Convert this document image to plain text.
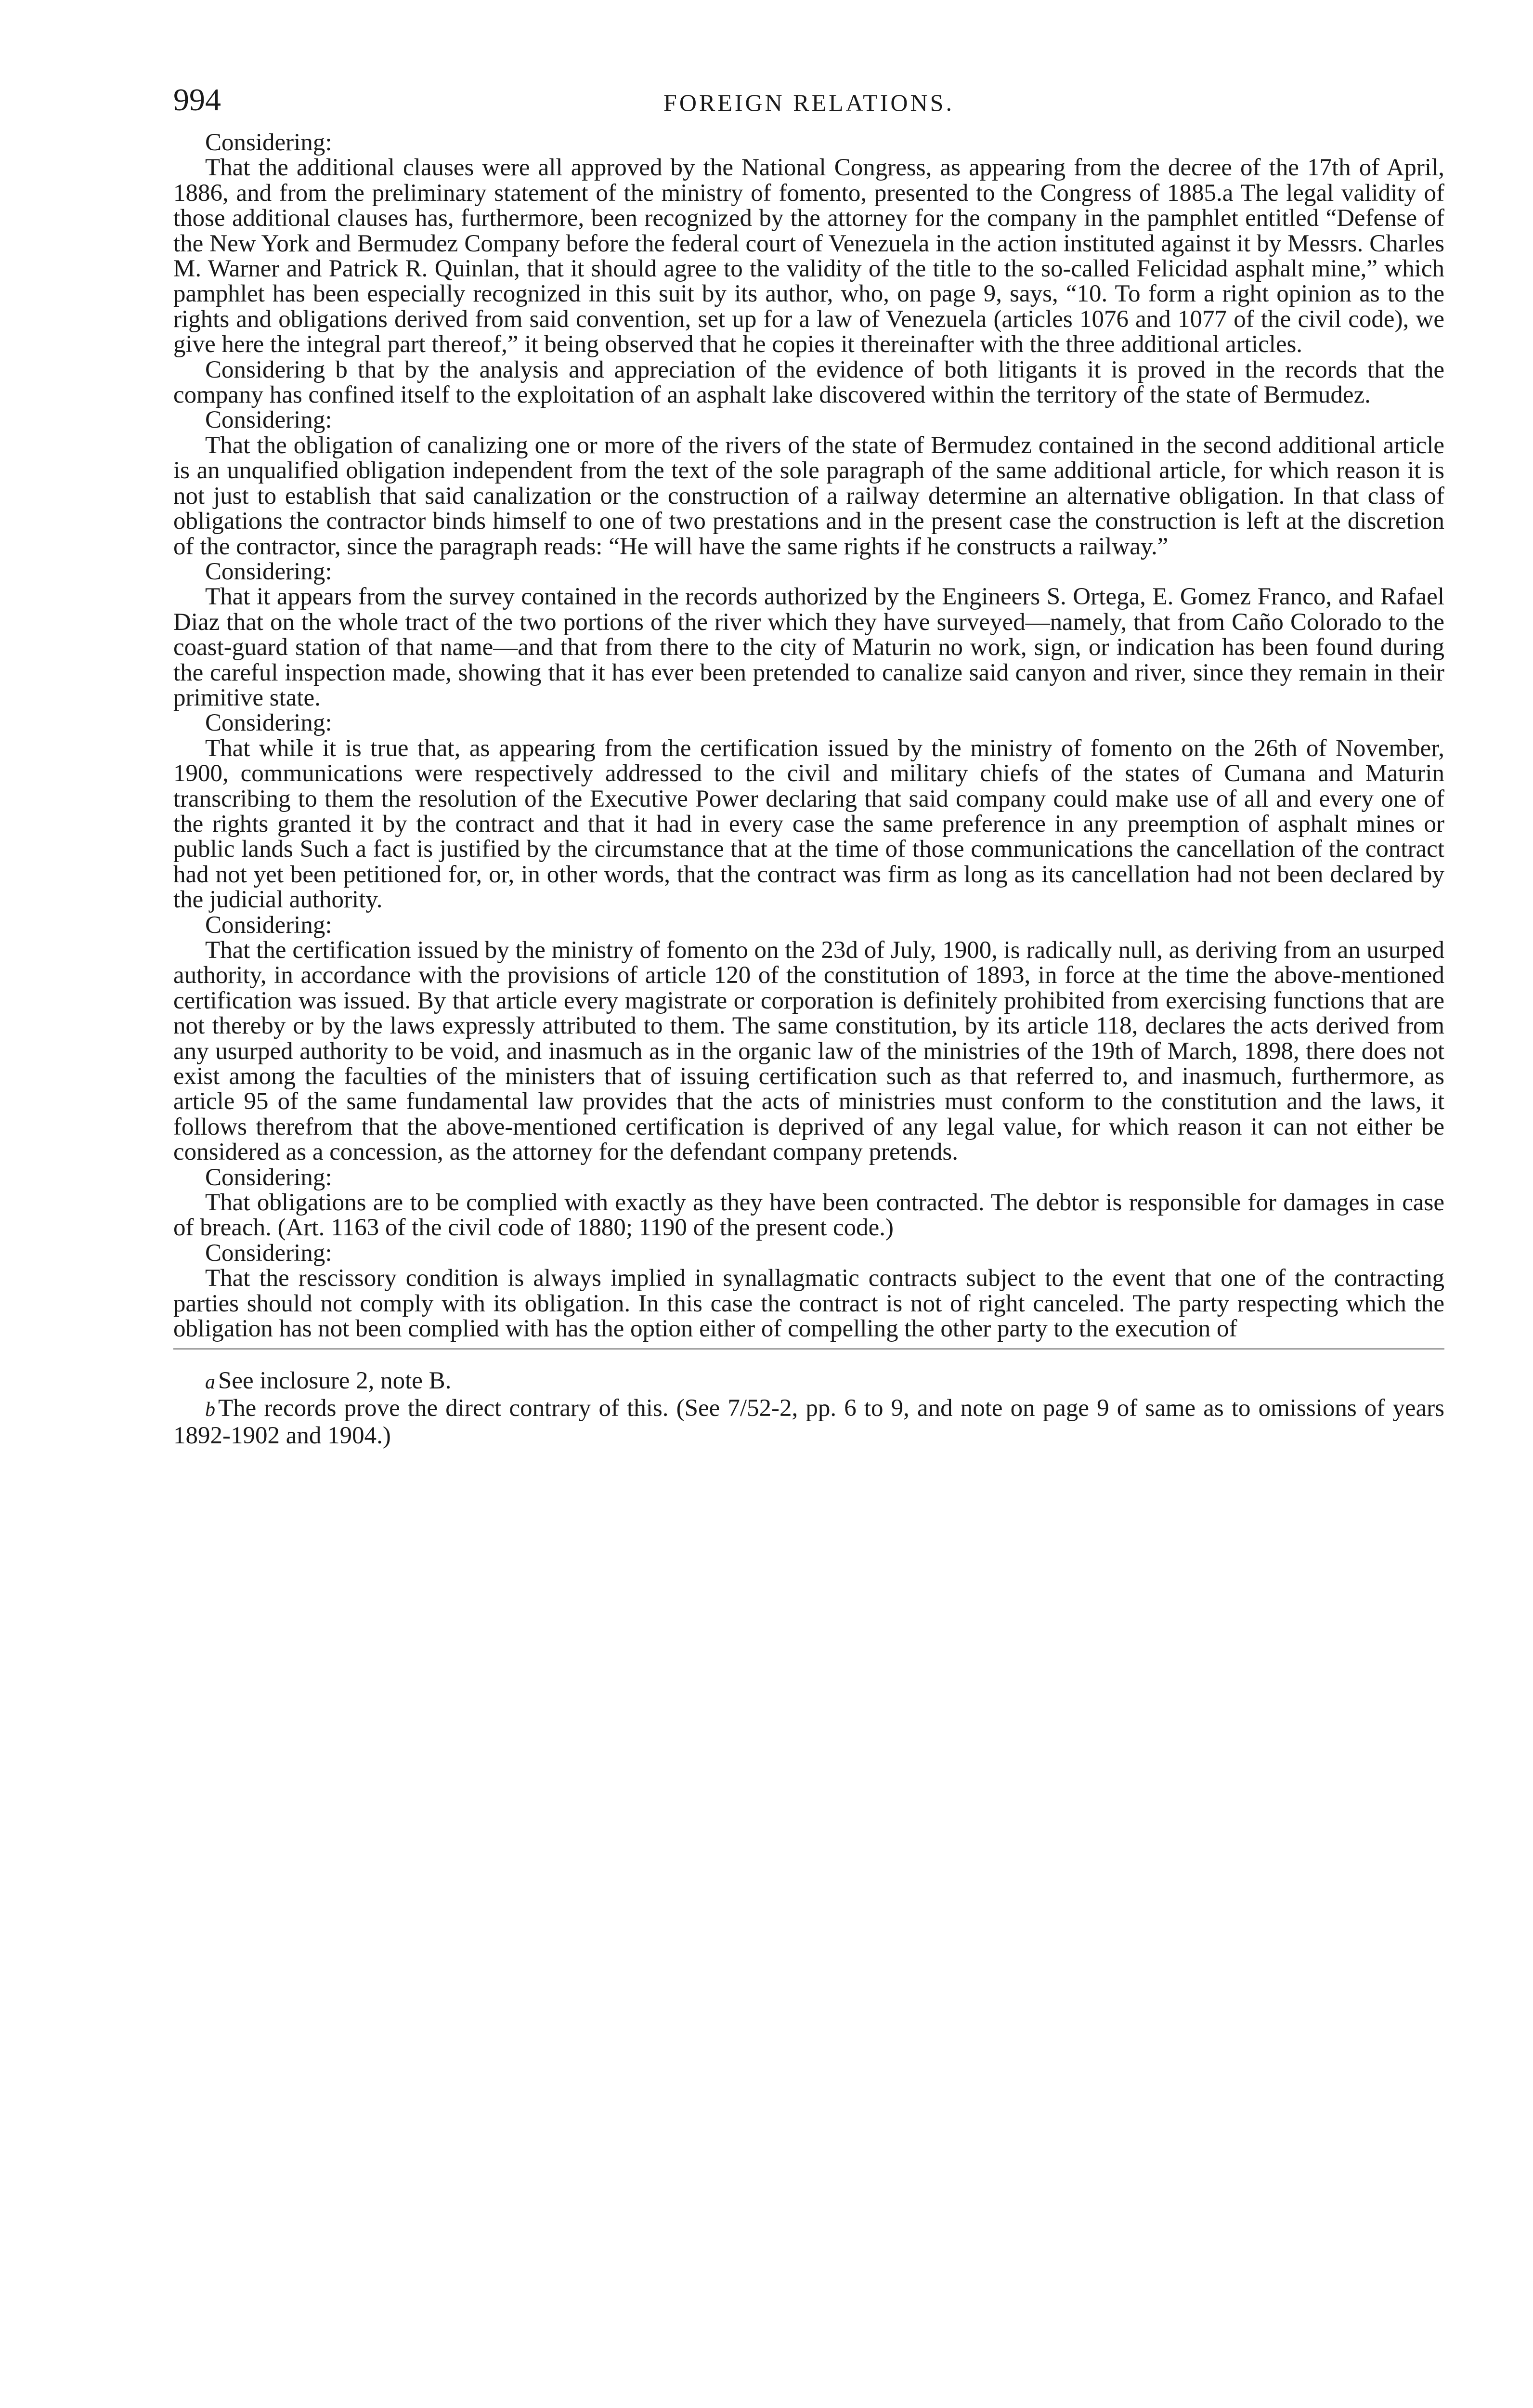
994	FOREIGN RELATIONS.

Considering:

That the additional clauses were all approved by the National Congress, as appearing from the decree of the 17th of April, 1886, and from the preliminary statement of the ministry of fomento, presented to the Congress of 1885.a The legal validity of those additional clauses has, furthermore, been recognized by the attorney for the company in the pamphlet entitled “Defense of the New York and Bermudez Company before the federal court of Venezuela in the action instituted against it by Messrs. Charles M. Warner and Patrick R. Quinlan, that it should agree to the validity of the title to the so-called Felicidad asphalt mine,” which pamphlet has been especially recognized in this suit by its author, who, on page 9, says, “10. To form a right opinion as to the rights and obligations derived from said convention, set up for a law of Venezuela (articles 1076 and 1077 of the civil code), we give here the integral part thereof,” it being observed that he copies it thereinafter with the three additional articles.

Considering b that by the analysis and appreciation of the evidence of both litigants it is proved in the records that the company has confined itself to the exploitation of an asphalt lake discovered within the territory of the state of Bermudez.

Considering:

That the obligation of canalizing one or more of the rivers of the state of Bermudez contained in the second additional article is an unqualified obligation independent from the text of the sole paragraph of the same additional article, for which reason it is not just to establish that said canalization or the construction of a railway determine an alternative obligation. In that class of obligations the contractor binds himself to one of two prestations and in the present case the construction is left at the discretion of the contractor, since the paragraph reads: “He will have the same rights if he constructs a railway.”

Considering:

That it appears from the survey contained in the records authorized by the Engineers S. Ortega, E. Gomez Franco, and Rafael Diaz that on the whole tract of the two portions of the river which they have surveyed—namely, that from Caño Colorado to the coast-guard station of that name—and that from there to the city of Maturin no work, sign, or indication has been found during the careful inspection made, showing that it has ever been pretended to canalize said canyon and river, since they remain in their primitive state.

Considering:

That while it is true that, as appearing from the certification issued by the ministry of fomento on the 26th of November, 1900, communications were respectively addressed to the civil and military chiefs of the states of Cumana and Maturin transcribing to them the resolution of the Executive Power declaring that said company could make use of all and every one of the rights granted it by the contract and that it had in every case the same preference in any preemption of asphalt mines or public lands Such a fact is justified by the circumstance that at the time of those communications the cancellation of the contract had not yet been petitioned for, or, in other words, that the contract was firm as long as its cancellation had not been declared by the judicial authority.

Considering:

That the certification issued by the ministry of fomento on the 23d of July, 1900, is radically null, as deriving from an usurped authority, in accordance with the provisions of article 120 of the constitution of 1893, in force at the time the above-mentioned certification was issued. By that article every magistrate or corporation is definitely prohibited from exercising functions that are not thereby or by the laws expressly attributed to them. The same constitution, by its article 118, declares the acts derived from any usurped authority to be void, and inasmuch as in the organic law of the ministries of the 19th of March, 1898, there does not exist among the faculties of the ministers that of issuing certification such as that referred to, and inasmuch, furthermore, as article 95 of the same fundamental law provides that the acts of ministries must conform to the constitution and the laws, it follows therefrom that the above-mentioned certification is deprived of any legal value, for which reason it can not either be considered as a concession, as the attorney for the defendant company pretends.

Considering:

That obligations are to be complied with exactly as they have been contracted. The debtor is responsible for damages in case of breach. (Art. 1163 of the civil code of 1880; 1190 of the present code.)

Considering:

That the rescissory condition is always implied in synallagmatic contracts subject to the event that one of the contracting parties should not comply with its obligation. In this case the contract is not of right canceled. The party respecting which the obligation has not been complied with has the option either of compelling the other party to the execution of

a See inclosure 2, note B.

b The records prove the direct contrary of this. (See 7/52-2, pp. 6 to 9, and note on page 9 of same as to omissions of years 1892-1902 and 1904.)
